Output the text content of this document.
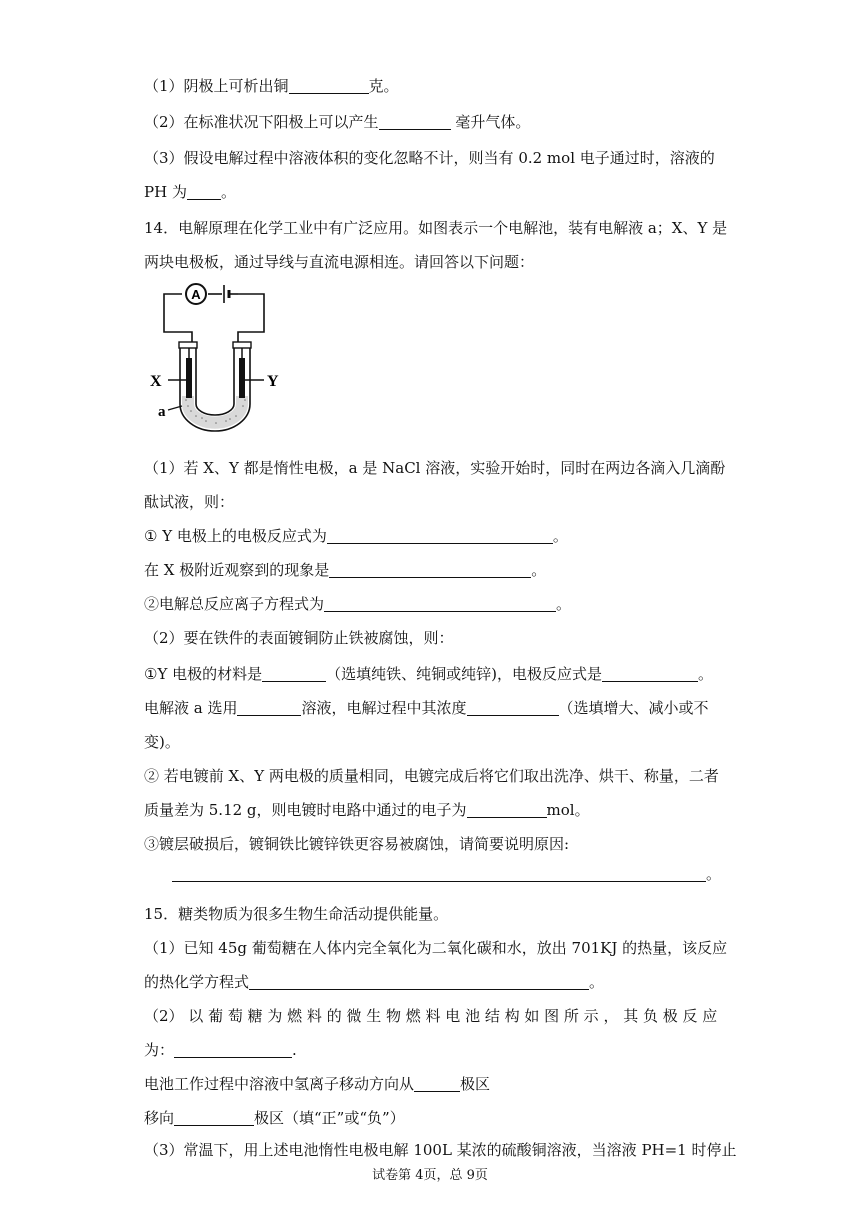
（1）阴极上可析出铜	克。
（2）在标准状况下阳极上可以产生	毫升气体。
（3）假设电解过程中溶液体积的变化忽略不计，则当有 0.2 mol 电子通过时，溶液的
PH 为 。
14．电解原理在化学工业中有广泛应用。如图表示一个电解池，装有电解液 a；X、Y 是
两块电极板，通过导线与直流电源相连。请回答以下问题：
A
X	Y
a
（1）若 X、Y 都是惰性电极，a 是 NaCl 溶液，实验开始时，同时在两边各滴入几滴酚
酞试液，则：
① Y 电极上的电极反应式为	。
在 X 极附近观察到的现象是	。
②电解总反应离子方程式为	。
（2）要在铁件的表面镀铜防止铁被腐蚀，则：
①Y 电极的材料是	（选填纯铁、纯铜或纯锌)，电极反应式是	。
电解液 a 选用	溶液，电解过程中其浓度	（选填增大、减小或不
变)。
② 若电镀前 X、Y 两电极的质量相同，电镀完成后将它们取出洗净、烘干、称量，二者
质量差为 5.12 g，则电镀时电路中通过的电子为	mol。
③镀层破损后，镀铜铁比镀锌铁更容易被腐蚀，请简要说明原因:
。
15．糖类物质为很多生物生命活动提供能量。
（1）已知 45g 葡萄糖在人体内完全氧化为二氧化碳和水，放出 701KJ 的热量，该反应
的热化学方程式	。
（2） 以 葡 萄 糖 为 燃 料 的 微 生 物 燃 料 电 池 结 构 如 图 所 示 ， 其 负 极 反 应
为：	.
电池工作过程中溶液中氢离子移动方向从	极区
移向	极区（填“正”或“负”）
（3）常温下，用上述电池惰性电极电解 100L 某浓的硫酸铜溶液，当溶液 PH=1 时停止
试卷第 4页，总 9页
